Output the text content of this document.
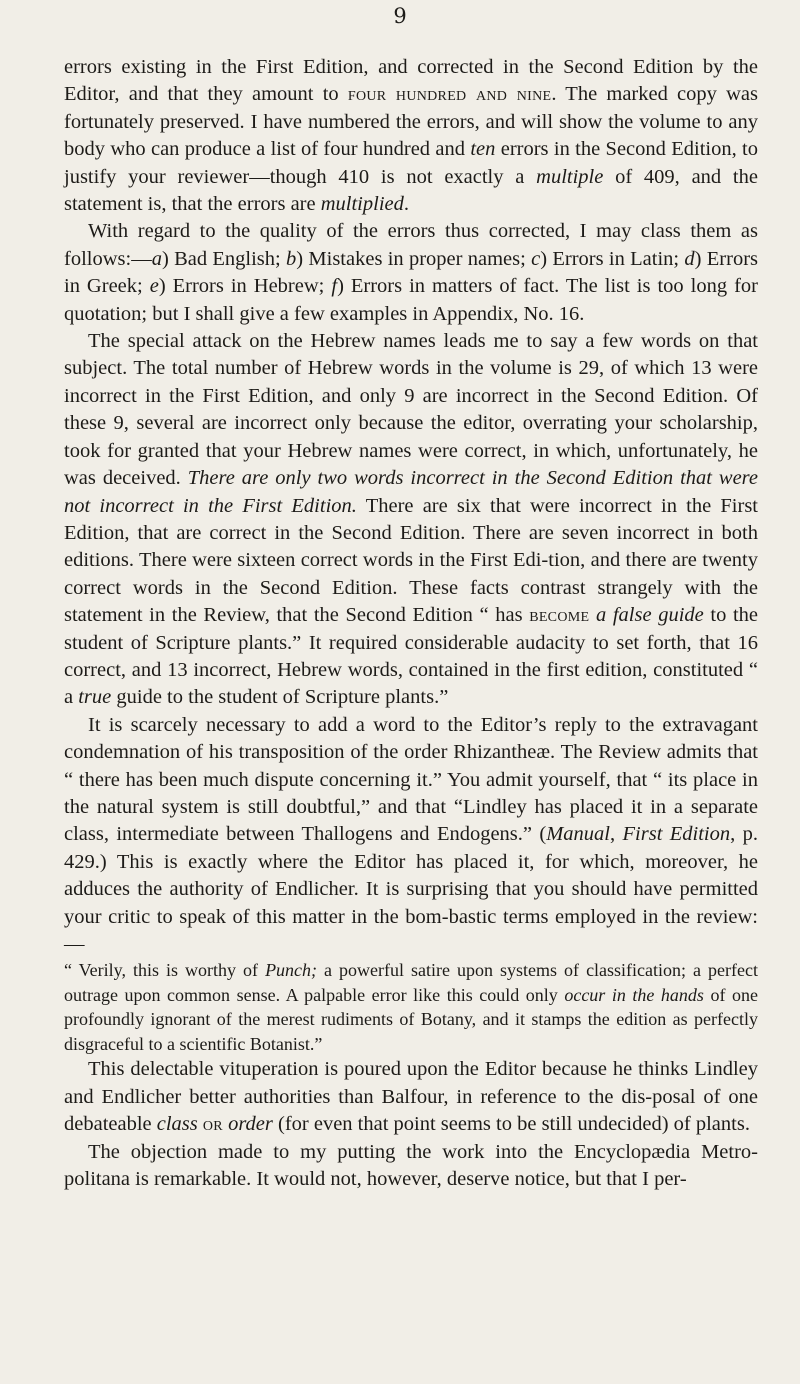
9

errors existing in the First Edition, and corrected in the Second Edition by the Editor, and that they amount to four hundred and nine. The marked copy was fortunately preserved. I have numbered the errors, and will show the volume to any body who can produce a list of four hundred and ten errors in the Second Edition, to justify your reviewer—though 410 is not exactly a multiple of 409, and the statement is, that the errors are multiplied.

With regard to the quality of the errors thus corrected, I may class them as follows:—a) Bad English; b) Mistakes in proper names; c) Errors in Latin; d) Errors in Greek; e) Errors in Hebrew; f) Errors in matters of fact. The list is too long for quotation; but I shall give a few examples in Appendix, No. 16.

The special attack on the Hebrew names leads me to say a few words on that subject. The total number of Hebrew words in the volume is 29, of which 13 were incorrect in the First Edition, and only 9 are incorrect in the Second Edition. Of these 9, several are incorrect only because the editor, overrating your scholarship, took for granted that your Hebrew names were correct, in which, unfortunately, he was deceived. There are only two words incorrect in the Second Edition that were not incorrect in the First Edition. There are six that were incorrect in the First Edition, that are correct in the Second Edition. There are seven incorrect in both editions. There were sixteen correct words in the First Edi-tion, and there are twenty correct words in the Second Edition. These facts contrast strangely with the statement in the Review, that the Second Edition “ has become a false guide to the student of Scripture plants.” It required considerable audacity to set forth, that 16 correct, and 13 incorrect, Hebrew words, contained in the first edition, constituted “ a true guide to the student of Scripture plants.”

It is scarcely necessary to add a word to the Editor’s reply to the extravagant condemnation of his transposition of the order Rhizantheæ. The Review admits that “ there has been much dispute concerning it.” You admit yourself, that “ its place in the natural system is still doubtful,” and that “Lindley has placed it in a separate class, intermediate between Thallogens and Endogens.” (Manual, First Edition, p. 429.) This is exactly where the Editor has placed it, for which, moreover, he adduces the authority of Endlicher. It is surprising that you should have permitted your critic to speak of this matter in the bom-bastic terms employed in the review:—

“ Verily, this is worthy of Punch; a powerful satire upon systems of classification; a perfect outrage upon common sense. A palpable error like this could only occur in the hands of one profoundly ignorant of the merest rudiments of Botany, and it stamps the edition as perfectly disgraceful to a scientific Botanist.”

This delectable vituperation is poured upon the Editor because he thinks Lindley and Endlicher better authorities than Balfour, in reference to the dis-posal of one debateable class or order (for even that point seems to be still undecided) of plants.

The objection made to my putting the work into the Encyclopædia Metro-politana is remarkable. It would not, however, deserve notice, but that I per-
